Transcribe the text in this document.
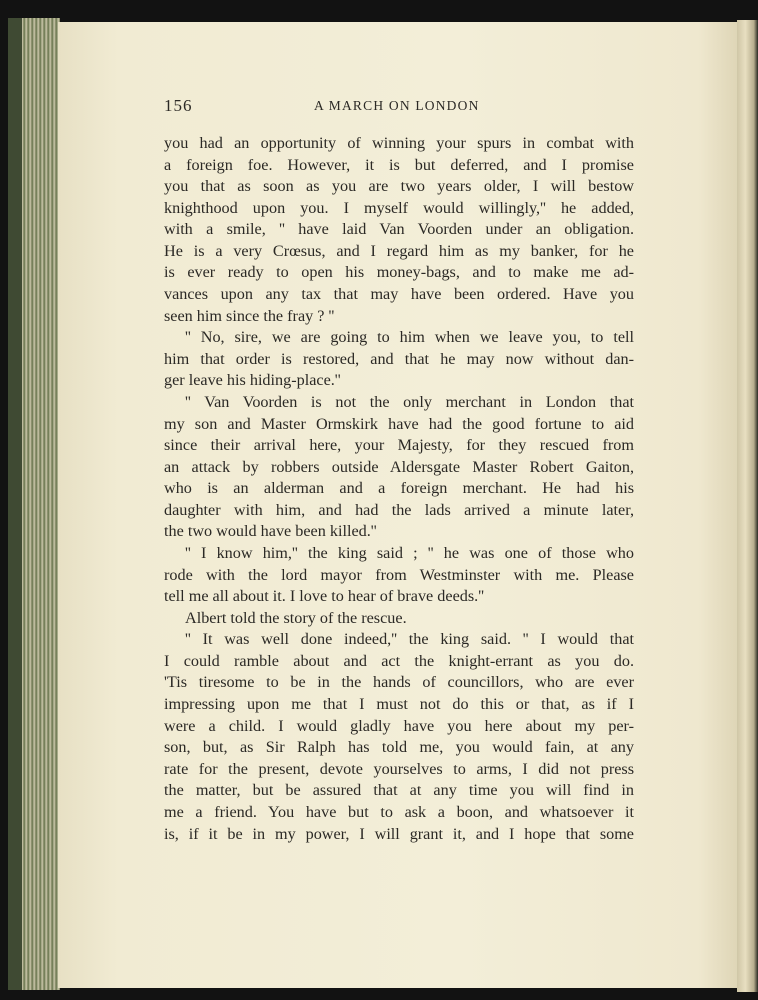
156	A MARCH ON LONDON
you had an opportunity of winning your spurs in combat with
a foreign foe. However, it is but deferred, and I promise
you that as soon as you are two years older, I will bestow
knighthood upon you. I myself would willingly,'' he added,
with a smile, '' have laid Van Voorden under an obligation.
He is a very Crœsus, and I regard him as my banker, for he
is ever ready to open his money-bags, and to make me ad-
vances upon any tax that may have been ordered. Have you
seen him since the fray ? ''
'' No, sire, we are going to him when we leave you, to tell
him that order is restored, and that he may now without dan-
ger leave his hiding-place.''
'' Van Voorden is not the only merchant in London that
my son and Master Ormskirk have had the good fortune to aid
since their arrival here, your Majesty, for they rescued from
an attack by robbers outside Aldersgate Master Robert Gaiton,
who is an alderman and a foreign merchant. He had his
daughter with him, and had the lads arrived a minute later,
the two would have been killed.''
'' I know him,'' the king said ; '' he was one of those who
rode with the lord mayor from Westminster with me. Please
tell me all about it. I love to hear of brave deeds.''
Albert told the story of the rescue.
'' It was well done indeed,'' the king said. '' I would that
I could ramble about and act the knight-errant as you do.
'Tis tiresome to be in the hands of councillors, who are ever
impressing upon me that I must not do this or that, as if I
were a child. I would gladly have you here about my per-
son, but, as Sir Ralph has told me, you would fain, at any
rate for the present, devote yourselves to arms, I did not press
the matter, but be assured that at any time you will find in
me a friend. You have but to ask a boon, and whatsoever it
is, if it be in my power, I will grant it, and I hope that some
